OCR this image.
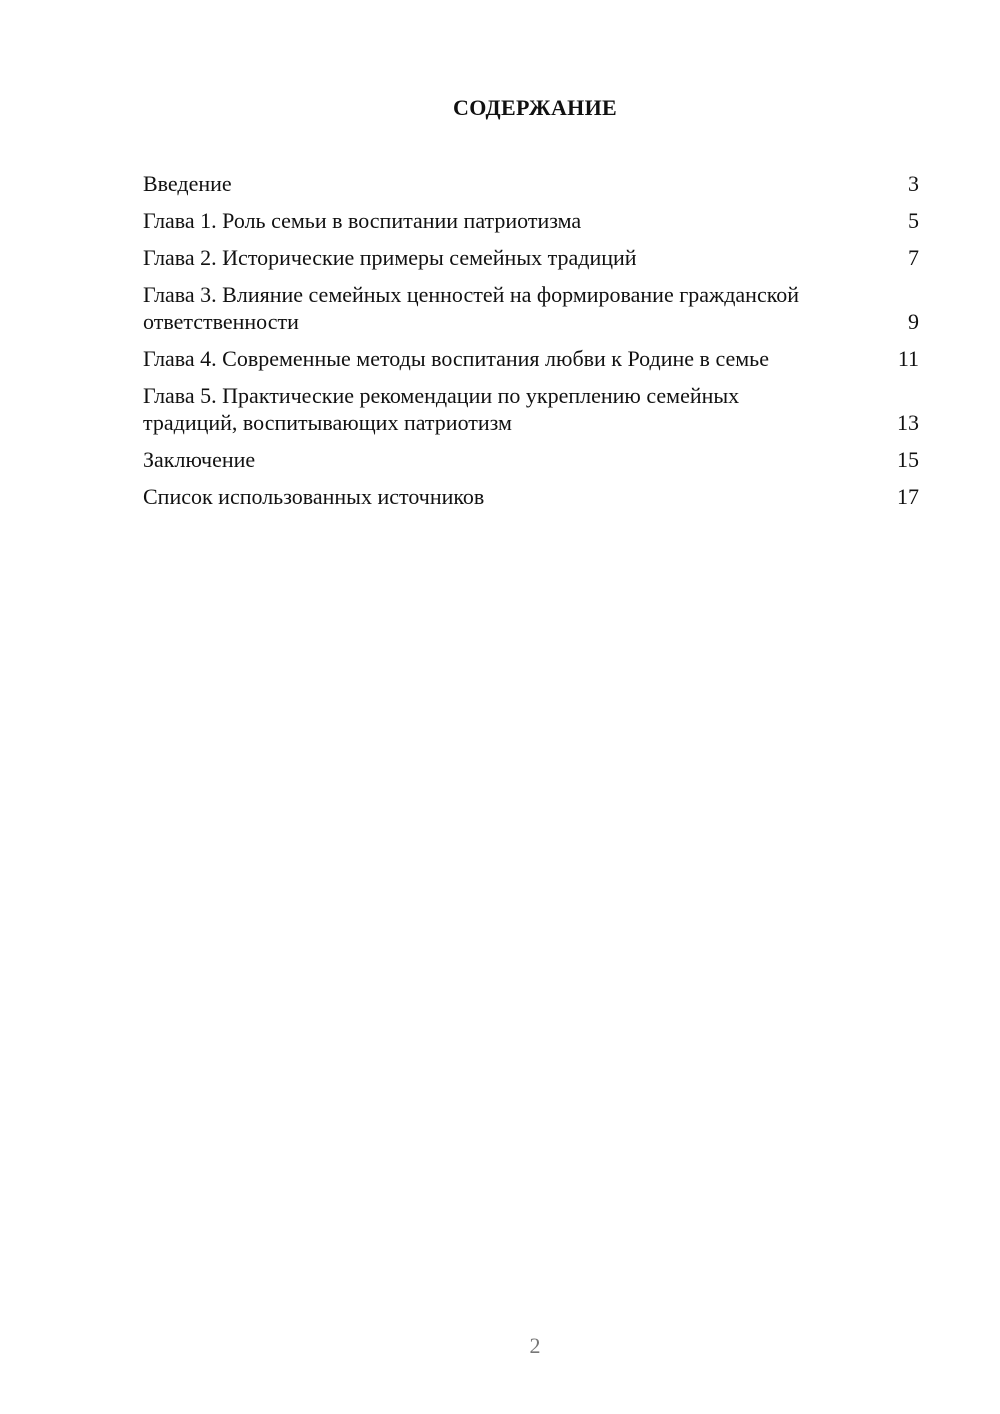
СОДЕРЖАНИЕ
Введение	3
Глава 1. Роль семьи в воспитании патриотизма	5
Глава 2. Исторические примеры семейных традиций	7
Глава 3. Влияние семейных ценностей на формирование гражданской ответственности	9
Глава 4. Современные методы воспитания любви к Родине в семье	11
Глава 5. Практические рекомендации по укреплению семейных традиций, воспитывающих патриотизм	13
Заключение	15
Список использованных источников	17
2
